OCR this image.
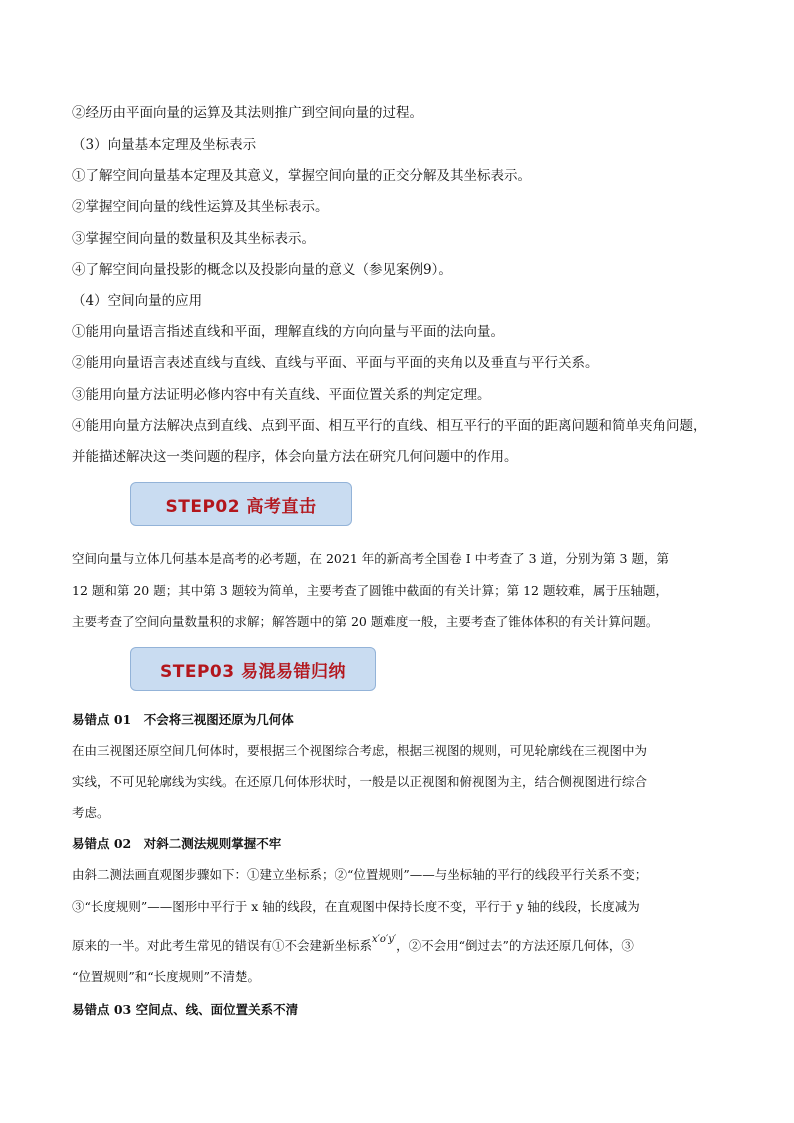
②经历由平面向量的运算及其法则推广到空间向量的过程。
（3）向量基本定理及坐标表示
①了解空间向量基本定理及其意义，掌握空间向量的正交分解及其坐标表示。
②掌握空间向量的线性运算及其坐标表示。
③掌握空间向量的数量积及其坐标表示。
④了解空间向量投影的概念以及投影向量的意义（参见案例9）。
（4）空间向量的应用
①能用向量语言指述直线和平面，理解直线的方向向量与平面的法向量。
②能用向量语言表述直线与直线、直线与平面、平面与平面的夹角以及垂直与平行关系。
③能用向量方法证明必修内容中有关直线、平面位置关系的判定定理。
④能用向量方法解决点到直线、点到平面、相互平行的直线、相互平行的平面的距离问题和简单夹角问题，
并能描述解决这一类问题的程序，体会向量方法在研究几何问题中的作用。
STEP02 高考直击
空间向量与立体几何基本是高考的必考题，在 2021 年的新高考全国卷 I 中考查了 3 道，分别为第 3 题，第
12 题和第 20 题；其中第 3 题较为简单，主要考查了圆锥中截面的有关计算；第 12 题较难，属于压轴题，
主要考查了空间向量数量积的求解；解答题中的第 20 题难度一般，主要考查了锥体体积的有关计算问题。
STEP03 易混易错归纳
易错点 01　不会将三视图还原为几何体
在由三视图还原空间几何体时，要根据三个视图综合考虑，根据三视图的规则，可见轮廓线在三视图中为
实线，不可见轮廓线为实线。在还原几何体形状时，一般是以正视图和俯视图为主，结合侧视图进行综合
考虑。
易错点 02　对斜二测法规则掌握不牢
由斜二测法画直观图步骤如下：①建立坐标系；②“位置规则”——与坐标轴的平行的线段平行关系不变；
③“长度规则”——图形中平行于 x 轴的线段，在直观图中保持长度不变，平行于 y 轴的线段，长度减为
原来的一半。对此考生常见的错误有①不会建新坐标系$^{x'o'y'}$，②不会用“倒过去”的方法还原几何体，③
“位置规则”和“长度规则”不清楚。
易错点 03 空间点、线、面位置关系不清
